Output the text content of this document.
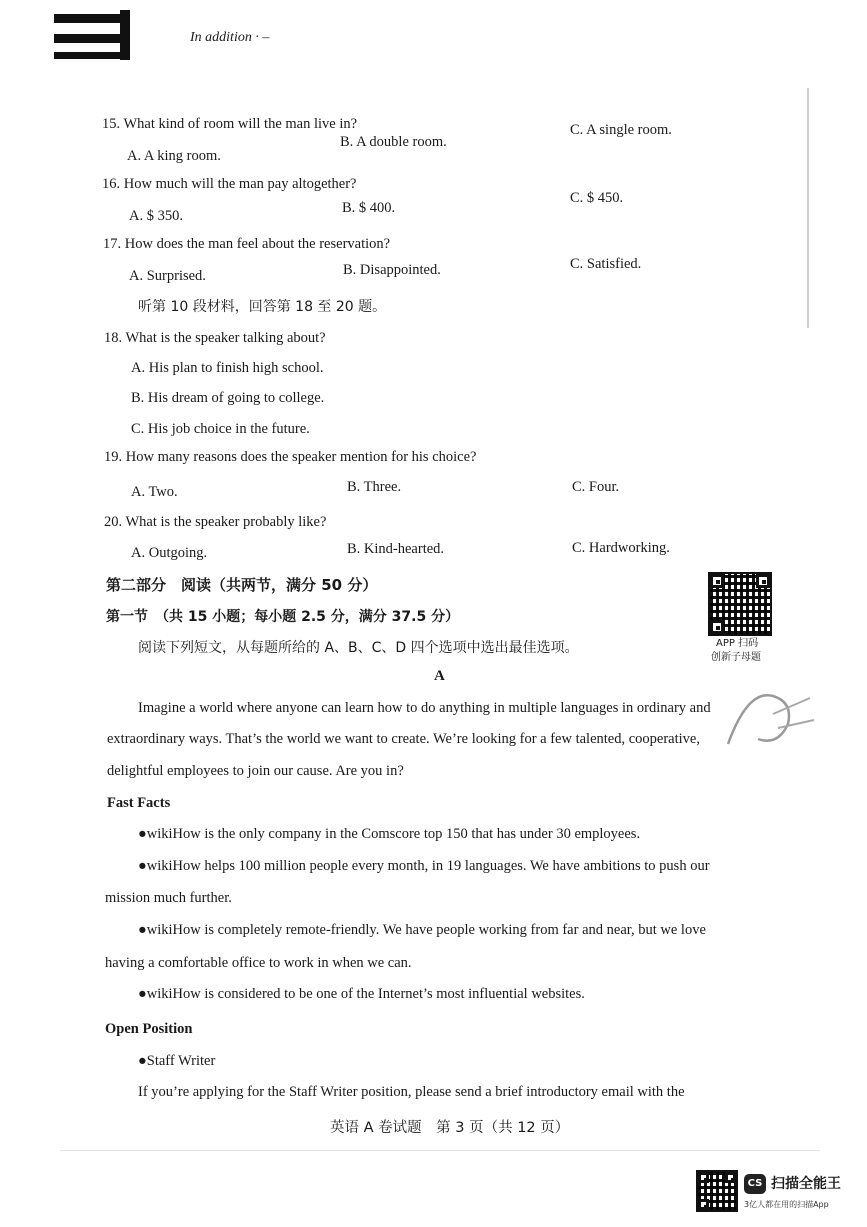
In addition · –
15. What kind of room will the man live in?
A. A king room.
B. A double room.
C. A single room.
16. How much will the man pay altogether?
A. $ 350.	B. $ 400.
C. $ 450.
17. How does the man feel about the reservation?
A. Surprised.	B. Disappointed.	C. Satisfied.
听第 10 段材料，回答第 18 至 20 题。
18. What is the speaker talking about?
A. His plan to finish high school.
B. His dream of going to college.
C. His job choice in the future.
19. How many reasons does the speaker mention for his choice?
A. Two.	B. Three.	C. Four.
20. What is the speaker probably like?
A. Outgoing.	B. Kind-hearted.	C. Hardworking.
第二部分　阅读（共两节，满分 50 分）
第一节　（共 15 小题；每小题 2.5 分，满分 37.5 分）
阅读下列短文，从每题所给的 A、B、C、D 四个选项中选出最佳选项。
A
APP 扫码
创新子母题
Imagine a world where anyone can learn how to do anything in multiple languages in ordinary and
extraordinary ways. That’s the world we want to create. We’re looking for a few talented, cooperative,
delightful employees to join our cause. Are you in?
Fast Facts
●wikiHow is the only company in the Comscore top 150 that has under 30 employees.
●wikiHow helps 100 million people every month, in 19 languages. We have ambitions to push our
mission much further.
●wikiHow is completely remote-friendly. We have people working from far and near, but we love
having a comfortable office to work in when we can.
●wikiHow is considered to be one of the Internet’s most influential websites.
Open Position
●Staff Writer
If you’re applying for the Staff Writer position, please send a brief introductory email with the
英语 A 卷试题　第 3 页（共 12 页）
CS 扫描全能王
3亿人都在用的扫描App
